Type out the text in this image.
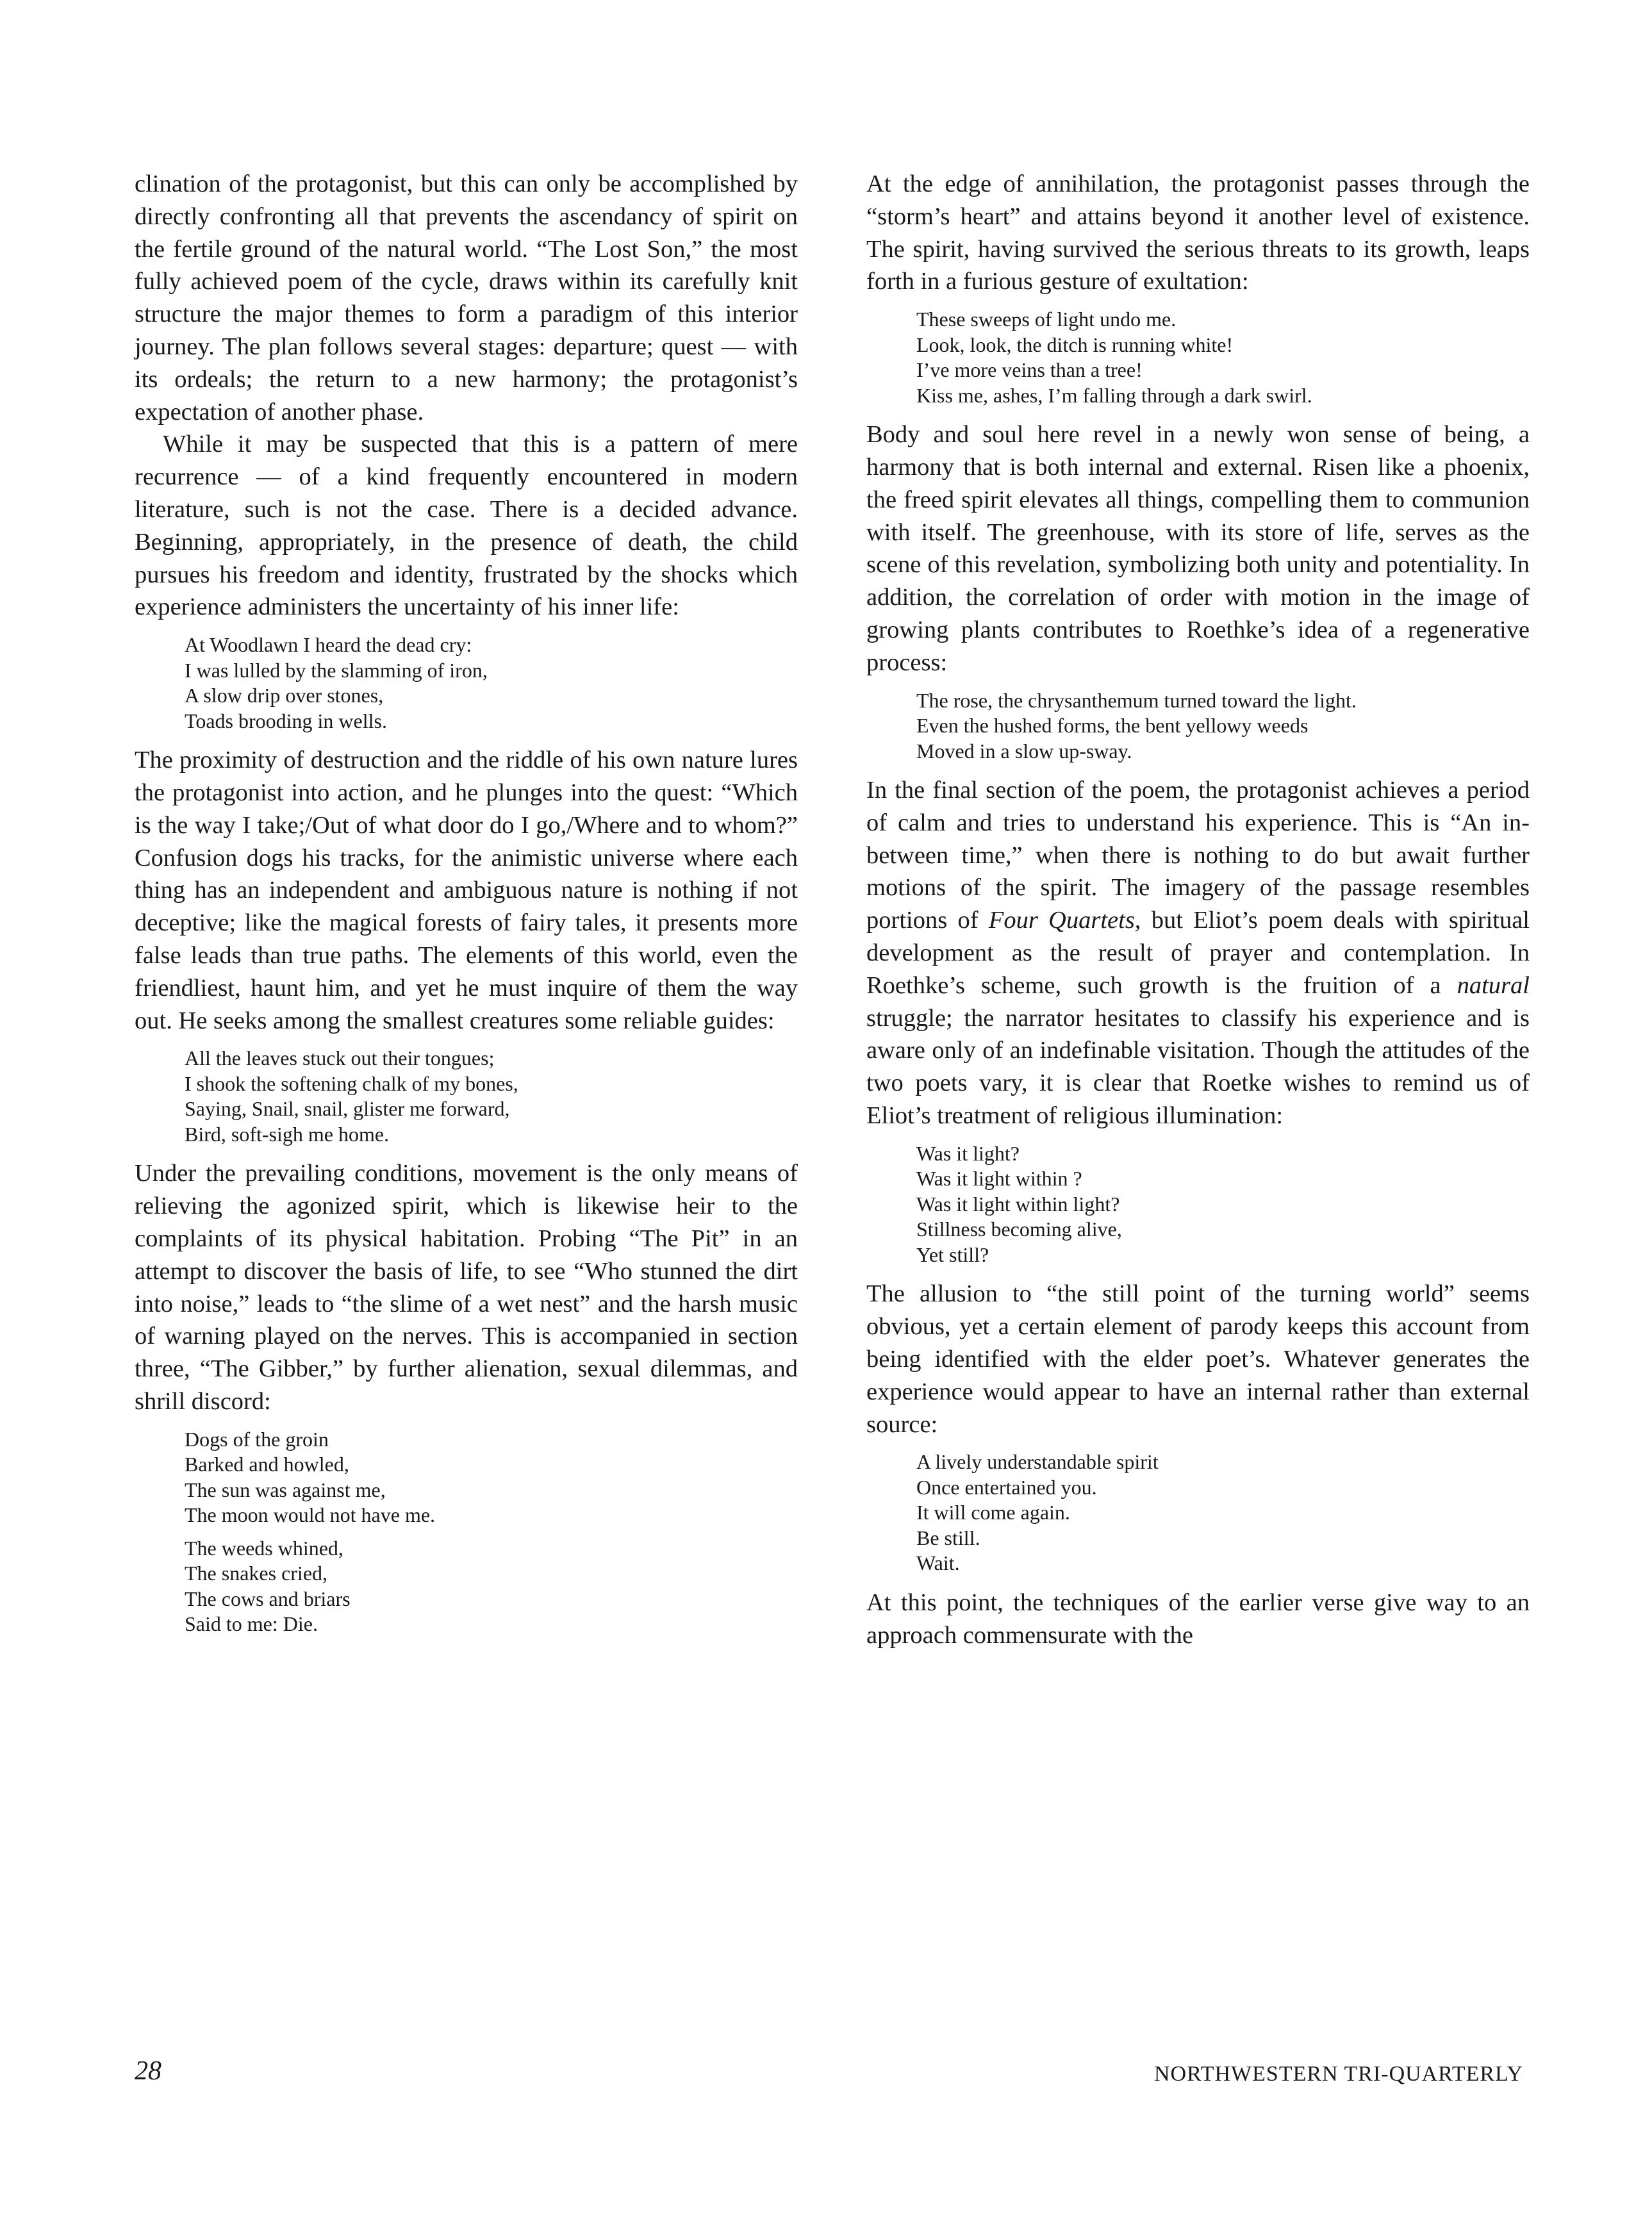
clination of the protagonist, but this can only be accomplished by directly confronting all that prevents the ascendancy of spirit on the fertile ground of the natural world. “The Lost Son,” the most fully achieved poem of the cycle, draws within its carefully knit structure the major themes to form a paradigm of this interior journey. The plan follows several stages: departure; quest — with its ordeals; the return to a new harmony; the protagonist’s expectation of another phase.

While it may be suspected that this is a pattern of mere recurrence — of a kind frequently encountered in modern literature, such is not the case. There is a decided advance. Beginning, appropriately, in the presence of death, the child pursues his freedom and identity, frustrated by the shocks which experience administers the uncertainty of his inner life:

At Woodlawn I heard the dead cry:
I was lulled by the slamming of iron,
A slow drip over stones,
Toads brooding in wells.

The proximity of destruction and the riddle of his own nature lures the protagonist into action, and he plunges into the quest: “Which is the way I take;/Out of what door do I go,/Where and to whom?” Confusion dogs his tracks, for the animistic universe where each thing has an independent and ambiguous nature is nothing if not deceptive; like the magical forests of fairy tales, it presents more false leads than true paths. The elements of this world, even the friendliest, haunt him, and yet he must inquire of them the way out. He seeks among the smallest creatures some reliable guides:

All the leaves stuck out their tongues;
I shook the softening chalk of my bones,
Saying, Snail, snail, glister me forward,
Bird, soft-sigh me home.

Under the prevailing conditions, movement is the only means of relieving the agonized spirit, which is likewise heir to the complaints of its physical habitation. Probing “The Pit” in an attempt to discover the basis of life, to see “Who stunned the dirt into noise,” leads to “the slime of a wet nest” and the harsh music of warning played on the nerves. This is accompanied in section three, “The Gibber,” by further alienation, sexual dilemmas, and shrill discord:

Dogs of the groin
Barked and howled,
The sun was against me,
The moon would not have me.
The weeds whined,
The snakes cried,
The cows and briars
Said to me: Die.

At the edge of annihilation, the protagonist passes through the “storm’s heart” and attains beyond it another level of existence. The spirit, having survived the serious threats to its growth, leaps forth in a furious gesture of exultation:

These sweeps of light undo me.
Look, look, the ditch is running white!
I’ve more veins than a tree!
Kiss me, ashes, I’m falling through a dark swirl.

Body and soul here revel in a newly won sense of being, a harmony that is both internal and external. Risen like a phoenix, the freed spirit elevates all things, compelling them to communion with itself. The greenhouse, with its store of life, serves as the scene of this revelation, symbolizing both unity and potentiality. In addition, the correlation of order with motion in the image of growing plants contributes to Roethke’s idea of a regenerative process:

The rose, the chrysanthemum turned toward the light.
Even the hushed forms, the bent yellowy weeds
Moved in a slow up-sway.

In the final section of the poem, the protagonist achieves a period of calm and tries to understand his experience. This is “An in-between time,” when there is nothing to do but await further motions of the spirit. The imagery of the passage resembles portions of Four Quartets, but Eliot’s poem deals with spiritual development as the result of prayer and contemplation. In Roethke’s scheme, such growth is the fruition of a natural struggle; the narrator hesitates to classify his experience and is aware only of an indefinable visitation. Though the attitudes of the two poets vary, it is clear that Roetke wishes to remind us of Eliot’s treatment of religious illumination:

Was it light?
Was it light within ?
Was it light within light?
Stillness becoming alive,
Yet still?

The allusion to “the still point of the turning world” seems obvious, yet a certain element of parody keeps this account from being identified with the elder poet’s. Whatever generates the experience would appear to have an internal rather than external source:

A lively understandable spirit
Once entertained you.
It will come again.
Be still.
Wait.

At this point, the techniques of the earlier verse give way to an approach commensurate with the

28	NORTHWESTERN TRI-QUARTERLY
